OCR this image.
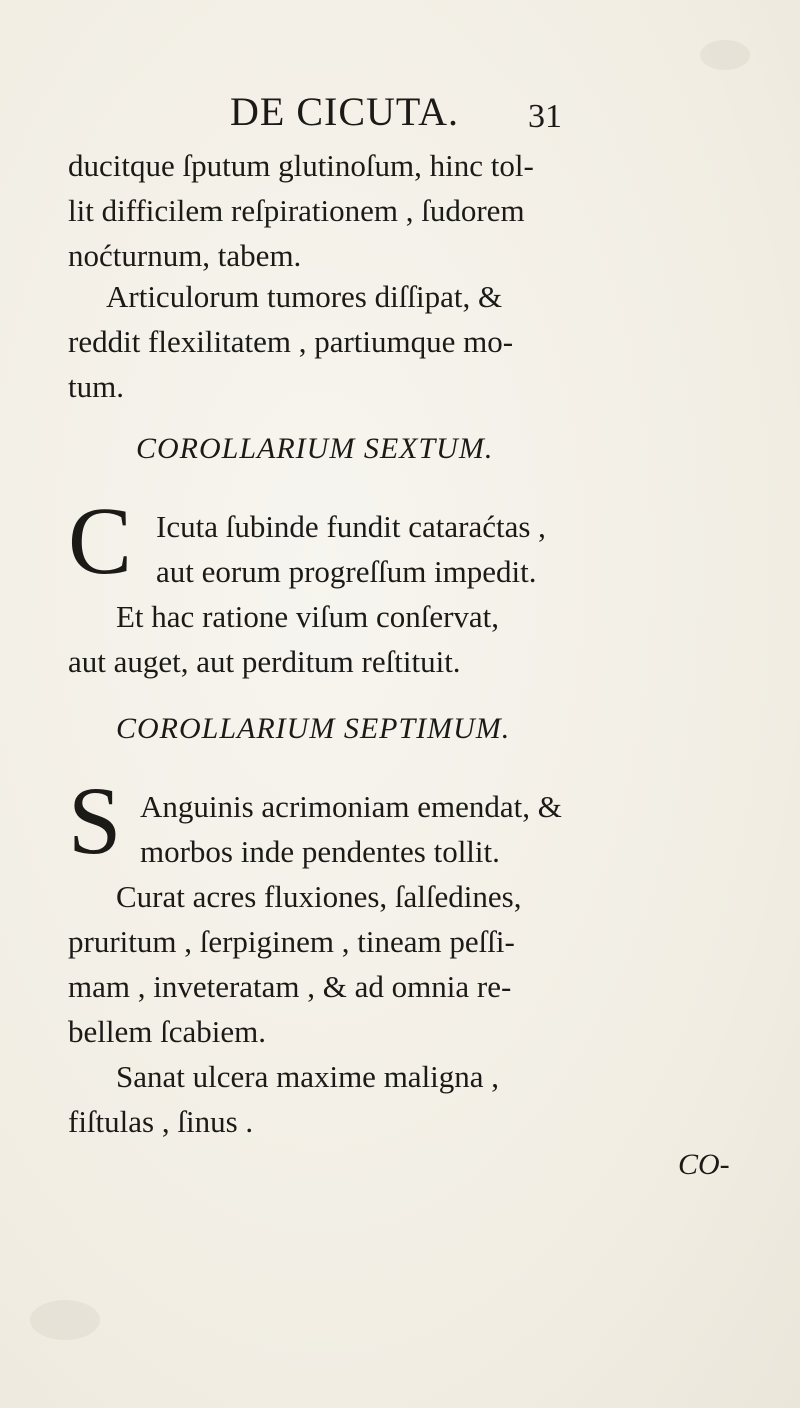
DE CICUTA. 31
ducitque ſputum glutinoſum, hinc tol-
lit difficilem reſpirationem , ſudorem
noćturnum, tabem.
Articulorum tumores diſſipat, &
reddit flexilitatem , partiumque mo-
tum.
COROLLARIUM SEXTUM.
C Icuta ſubinde fundit cataraćtas ,
aut eorum progreſſum impedit.
Et hac ratione viſum conſervat,
aut auget, aut perditum reſtituit.
COROLLARIUM SEPTIMUM.
S Anguinis acrimoniam emendat, &
morbos inde pendentes tollit.
Curat acres fluxiones, ſalſedines,
pruritum , ſerpiginem , tineam peſſi-
mam , inveteratam , & ad omnia re-
bellem ſcabiem.
Sanat ulcera maxime maligna ,
fiſtulas , ſinus .
CO-
